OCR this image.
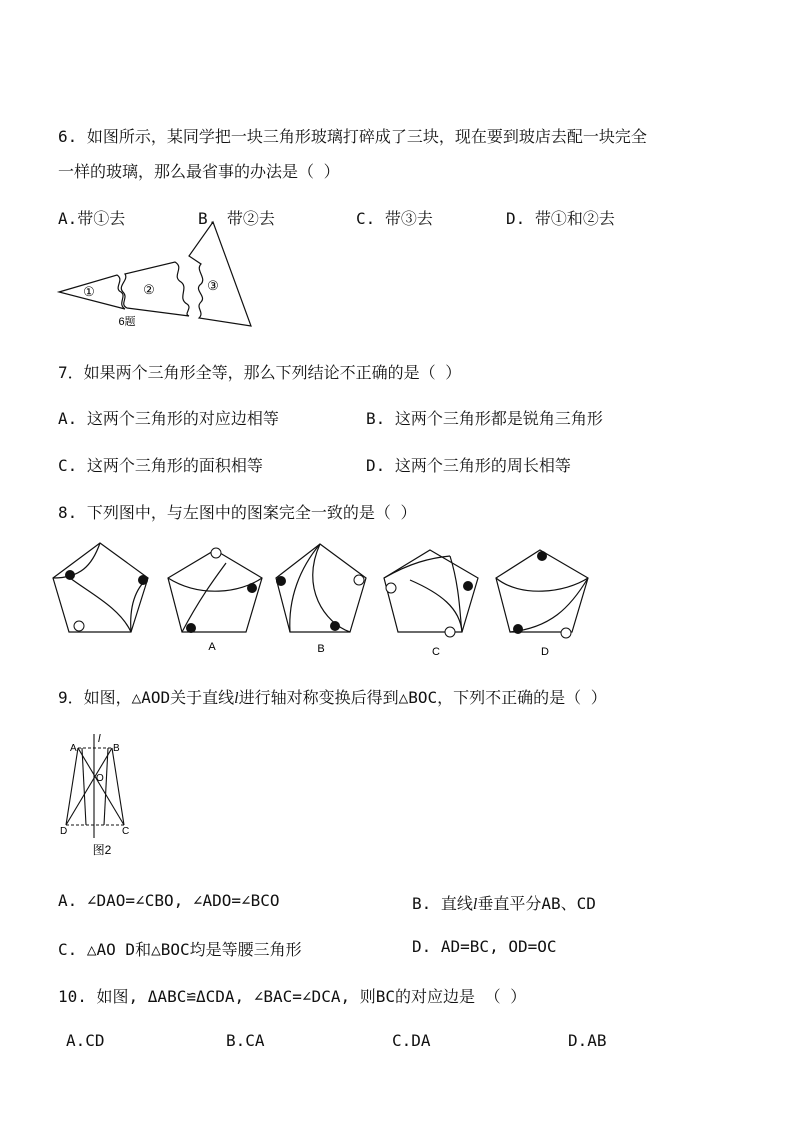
6. 如图所示，某同学把一块三角形玻璃打碎成了三块，现在要到玻店去配一块完全
一样的玻璃，那么最省事的办法是（ ）
A.带①去	B. 带②去	C. 带③去	D. 带①和②去
①	②	③
6题
7．如果两个三角形全等，那么下列结论不正确的是（ ）
A. 这两个三角形的对应边相等	B. 这两个三角形都是锐角三角形
C. 这两个三角形的面积相等	D. 这两个三角形的周长相等
8. 下列图中，与左图中的图案完全一致的是（ ）
A	B	C	D
9．如图，△AOD关于直线l进行轴对称变换后得到△BOC，下列不正确的是（ ）
A	B
O
D	C
l
图2
A. ∠DAO=∠CBO, ∠ADO=∠BCO	B. 直线l垂直平分AB、CD
C. △AO D和△BOC均是等腰三角形	D. AD=BC, OD=OC
10. 如图, ΔABC≌ΔCDA, ∠BAC=∠DCA, 则BC的对应边是 （ ）
A.CD	B.CA	C.DA	D.AB
